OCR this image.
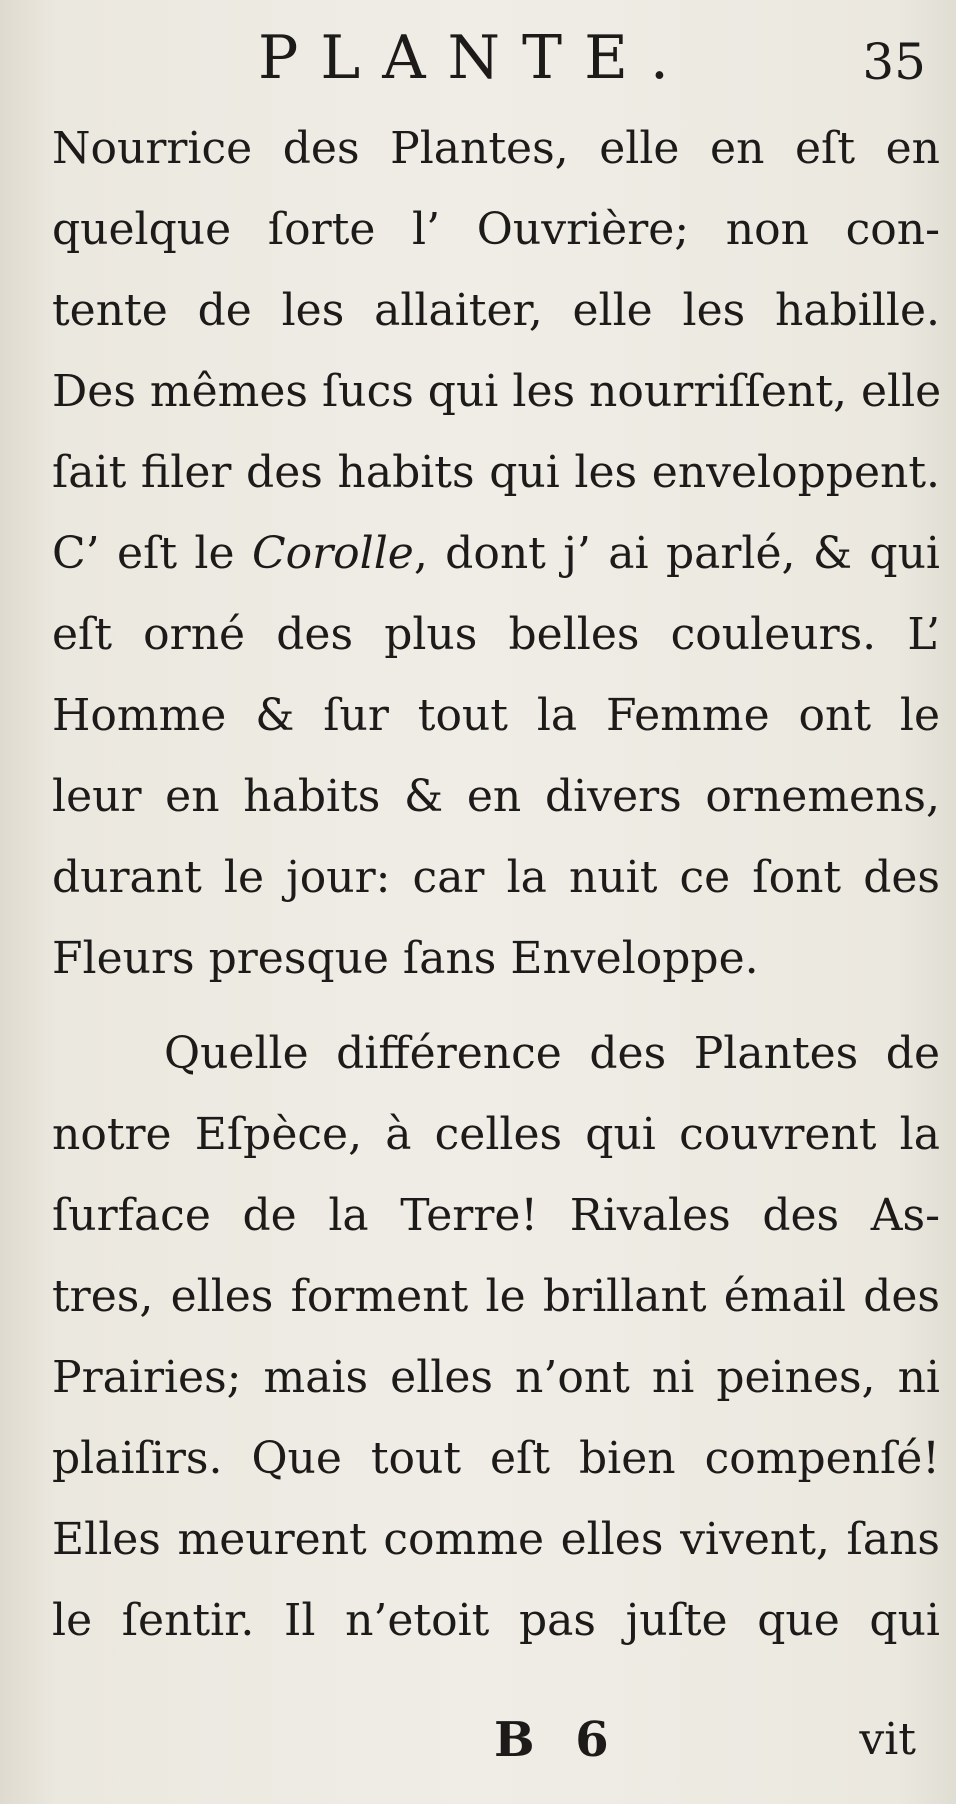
PLANTE.	35
Nourrice des Plantes, elle en eſt en
quelque ſorte l’ Ouvrière; non con-
tente de les allaiter, elle les habille.
Des mêmes ſucs qui les nourriſſent, elle
ſait filer des habits qui les enveloppent.
C’ eſt le Corolle, dont j’ ai parlé, & qui
eſt orné des plus belles couleurs. L’
Homme & ſur tout la Femme ont le
leur en habits & en divers ornemens,
durant le jour: car la nuit ce ſont des
Fleurs presque ſans Enveloppe.
Quelle différence des Plantes de
notre Eſpèce, à celles qui couvrent la
ſurface de la Terre! Rivales des As-
tres, elles forment le brillant émail des
Prairies; mais elles n’ont ni peines, ni
plaiſirs. Que tout eſt bien compenſé!
Elles meurent comme elles vivent, ſans
le ſentir. Il n’etoit pas juſte que qui
B 6	vit
